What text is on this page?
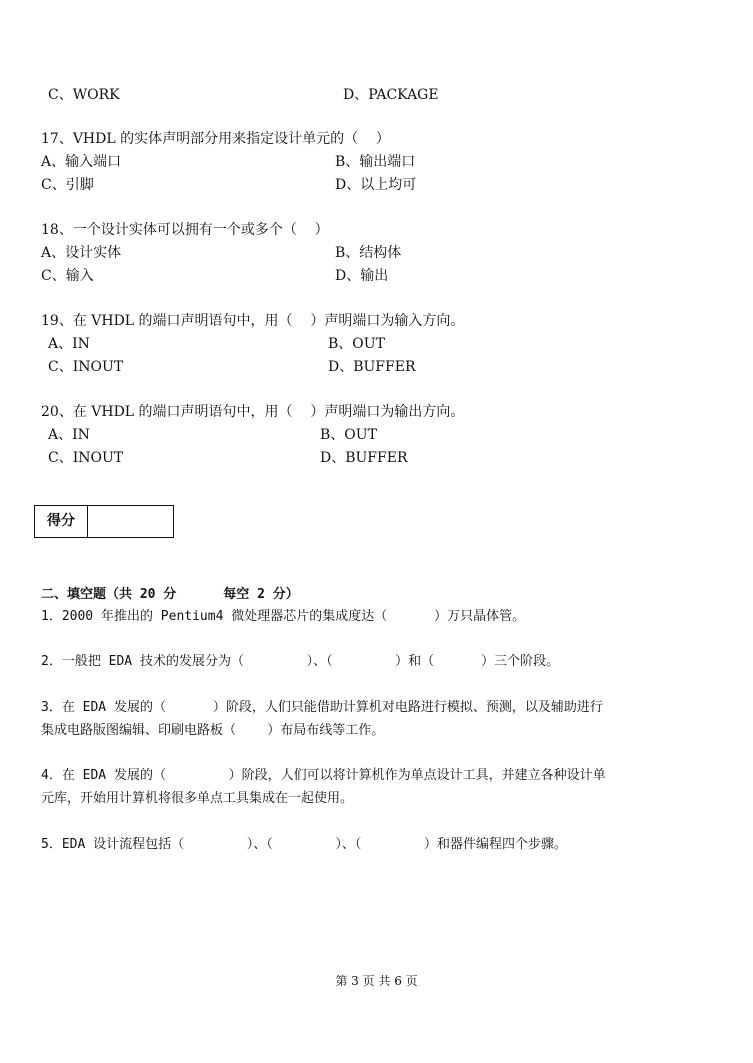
C、WORK	D、PACKAGE
17、VHDL 的实体声明部分用来指定设计单元的（    ）
A、输入端口	B、输出端口
C、引脚	D、以上均可
18、一个设计实体可以拥有一个或多个（    ）
A、设计实体	B、结构体
C、输入	D、输出
19、在 VHDL 的端口声明语句中，用（    ）声明端口为输入方向。
A、IN	B、OUT
C、INOUT	D、BUFFER
20、在 VHDL 的端口声明语句中，用（    ）声明端口为输出方向。
A、IN	B、OUT
C、INOUT	D、BUFFER
得分
二、填空题（共 20 分      每空 2 分）
1．2000 年推出的 Pentium4 微处理器芯片的集成度达（      ）万只晶体管。
2．一般把 EDA 技术的发展分为（        ）、（        ）和（      ）三个阶段。
3．在 EDA 发展的（      ）阶段，人们只能借助计算机对电路进行模拟、预测，以及辅助进行
集成电路版图编辑、印刷电路板（    ）布局布线等工作。
4．在 EDA 发展的（        ）阶段，人们可以将计算机作为单点设计工具，并建立各种设计单
元库，开始用计算机将很多单点工具集成在一起使用。
5．EDA 设计流程包括（        ）、（        ）、（        ）和器件编程四个步骤。
第 3 页 共 6 页
